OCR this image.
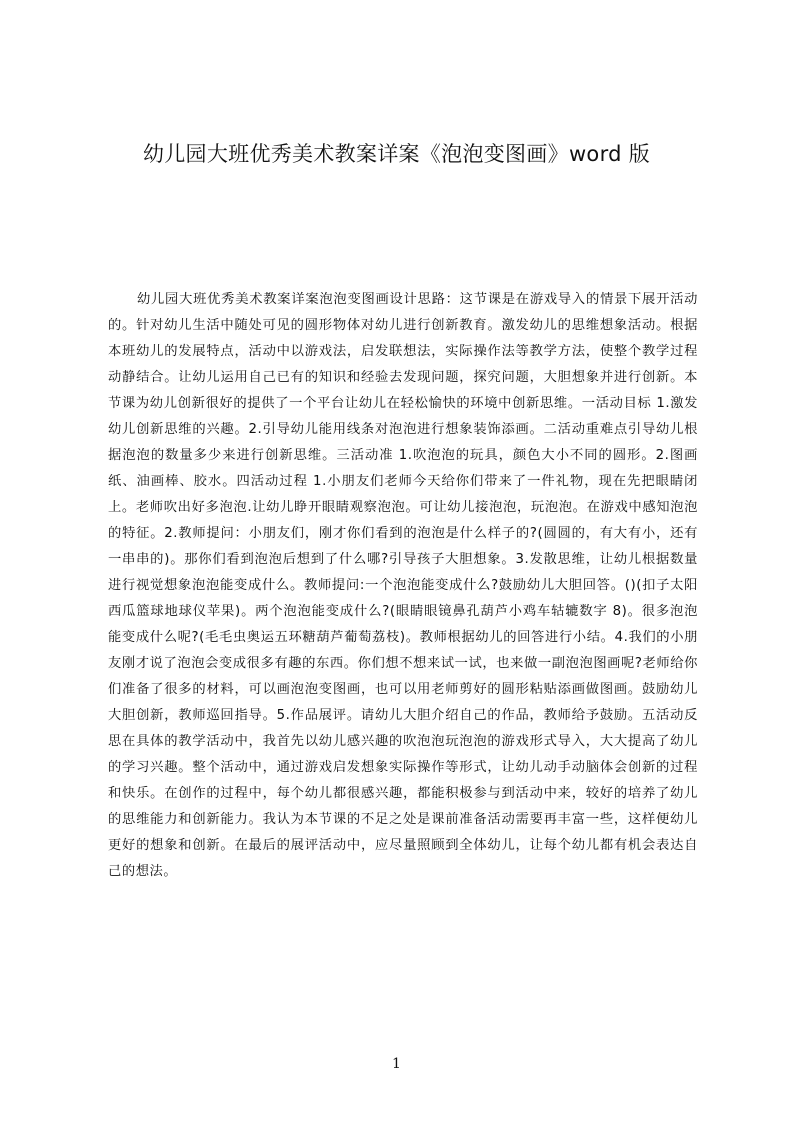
幼儿园大班优秀美术教案详案《泡泡变图画》word 版

幼儿园大班优秀美术教案详案泡泡变图画设计思路：这节课是在游戏导入的情景下展开活动的。针对幼儿生活中随处可见的圆形物体对幼儿进行创新教育。激发幼儿的思维想象活动。根据本班幼儿的发展特点，活动中以游戏法，启发联想法，实际操作法等教学方法，使整个教学过程动静结合。让幼儿运用自己已有的知识和经验去发现问题，探究问题，大胆想象并进行创新。本节课为幼儿创新很好的提供了一个平台让幼儿在轻松愉快的环境中创新思维。一活动目标 1.激发幼儿创新思维的兴趣。2.引导幼儿能用线条对泡泡进行想象装饰添画。二活动重难点引导幼儿根据泡泡的数量多少来进行创新思维。三活动准 1.吹泡泡的玩具，颜色大小不同的圆形。2.图画纸、油画棒、胶水。四活动过程 1.小朋友们老师今天给你们带来了一件礼物，现在先把眼睛闭上。老师吹出好多泡泡.让幼儿睁开眼睛观察泡泡。可让幼儿接泡泡，玩泡泡。在游戏中感知泡泡的特征。2.教师提问：小朋友们，刚才你们看到的泡泡是什么样子的?(圆圆的，有大有小，还有一串串的)。那你们看到泡泡后想到了什么哪?引导孩子大胆想象。3.发散思维，让幼儿根据数量进行视觉想象泡泡能变成什么。教师提问:一个泡泡能变成什么?鼓励幼儿大胆回答。()(扣子太阳西瓜篮球地球仪苹果)。两个泡泡能变成什么?(眼睛眼镜鼻孔葫芦小鸡车轱辘数字 8)。很多泡泡能变成什么呢?(毛毛虫奥运五环糖葫芦葡萄荔枝)。教师根据幼儿的回答进行小结。4.我们的小朋友刚才说了泡泡会变成很多有趣的东西。你们想不想来试一试，也来做一副泡泡图画呢?老师给你们准备了很多的材料，可以画泡泡变图画，也可以用老师剪好的圆形粘贴添画做图画。鼓励幼儿大胆创新，教师巡回指导。5.作品展评。请幼儿大胆介绍自己的作品，教师给予鼓励。五活动反思在具体的教学活动中，我首先以幼儿感兴趣的吹泡泡玩泡泡的游戏形式导入，大大提高了幼儿的学习兴趣。整个活动中，通过游戏启发想象实际操作等形式，让幼儿动手动脑体会创新的过程和快乐。在创作的过程中，每个幼儿都很感兴趣，都能积极参与到活动中来，较好的培养了幼儿的思维能力和创新能力。我认为本节课的不足之处是课前准备活动需要再丰富一些，这样便幼儿更好的想象和创新。在最后的展评活动中，应尽量照顾到全体幼儿，让每个幼儿都有机会表达自己的想法。

1
